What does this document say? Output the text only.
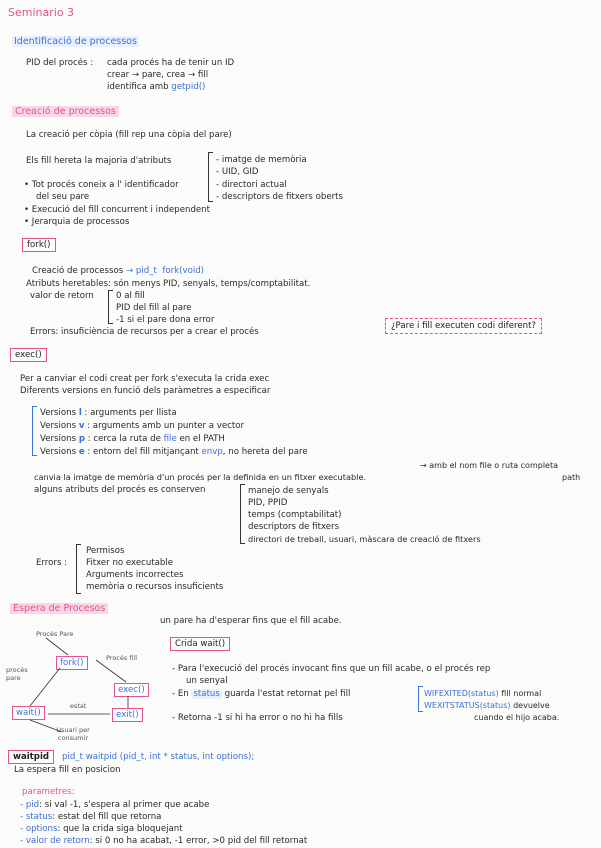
Seminario 3
Identificació de processos
PID del procés : cada procés ha de tenir un ID
crear → pare, crea → fill
identifica amb getpid()
Creació de processos
La creació per còpia (fill rep una còpia del pare)
Els fill hereta la majoria d'atributs	- imatge de memòria
- UID, GID
- directori actual
- descriptors de fitxers oberts
• Tot procés coneix a l' identificador
del seu pare
• Execució del fill concurrent i independent
• Jerarquia de processos
fork()
Creació de processos → pid_t fork(void)
Atributs heretables: són menys PID, senyals, temps/comptabilitat.
valor de retorn	0 al fill
PID del fill al pare
-1 si el pare dona error
Errors: insuficiència de recursos per a crear el procés
¿Pare i fill executen codi diferent?
exec()
Per a canviar el codi creat per fork s'executa la crida exec
Diferents versions en funció dels paràmetres a especificar
Versions l : arguments per llista
Versions v : arguments amb un punter a vector
Versions p : cerca la ruta de file en el PATH
Versions e : entorn del fill mitjançant envp, no hereta del pare
→ amb el nom file o ruta completa
path
canvia la imatge de memòria d'un procés per la definida en un fitxer executable.
alguns atributs del procés es conserven	manejo de senyals
PID, PPID
temps (comptabilitat)
descriptors de fitxers
directori de treball, usuari, màscara de creació de fitxers
Errors :
Permisos
Fitxer no executable
Arguments incorrectes
memòria o recursos insuficients
Espera de Procesos
un pare ha d'esperar fins que el fill acabe.
Crida wait()
Procés Pare
fork()	Procés fill
exec()
wait()	exit()
procés pare
estat
Usuari per consumir
- Para l'execució del procés invocant fins que un fill acabe, o el procés rep
un senyal
- En status guarda l'estat retornat pel fill
- Retorna -1 si hi ha error o no hi ha fills
WIFEXITED(status) fill normal
WEXITSTATUS(status) devuelve
cuando el hijo acaba.
waitpid	pid_t waitpid (pid_t, int * status, int options);
La espera fill en posicion
parametres:
- pid: si val -1, s'espera al primer que acabe
- status: estat del fill que retorna
- options: que la crida siga bloquejant
- valor de retorn: si 0 no ha acabat, -1 error, >0 pid del fill retornat
